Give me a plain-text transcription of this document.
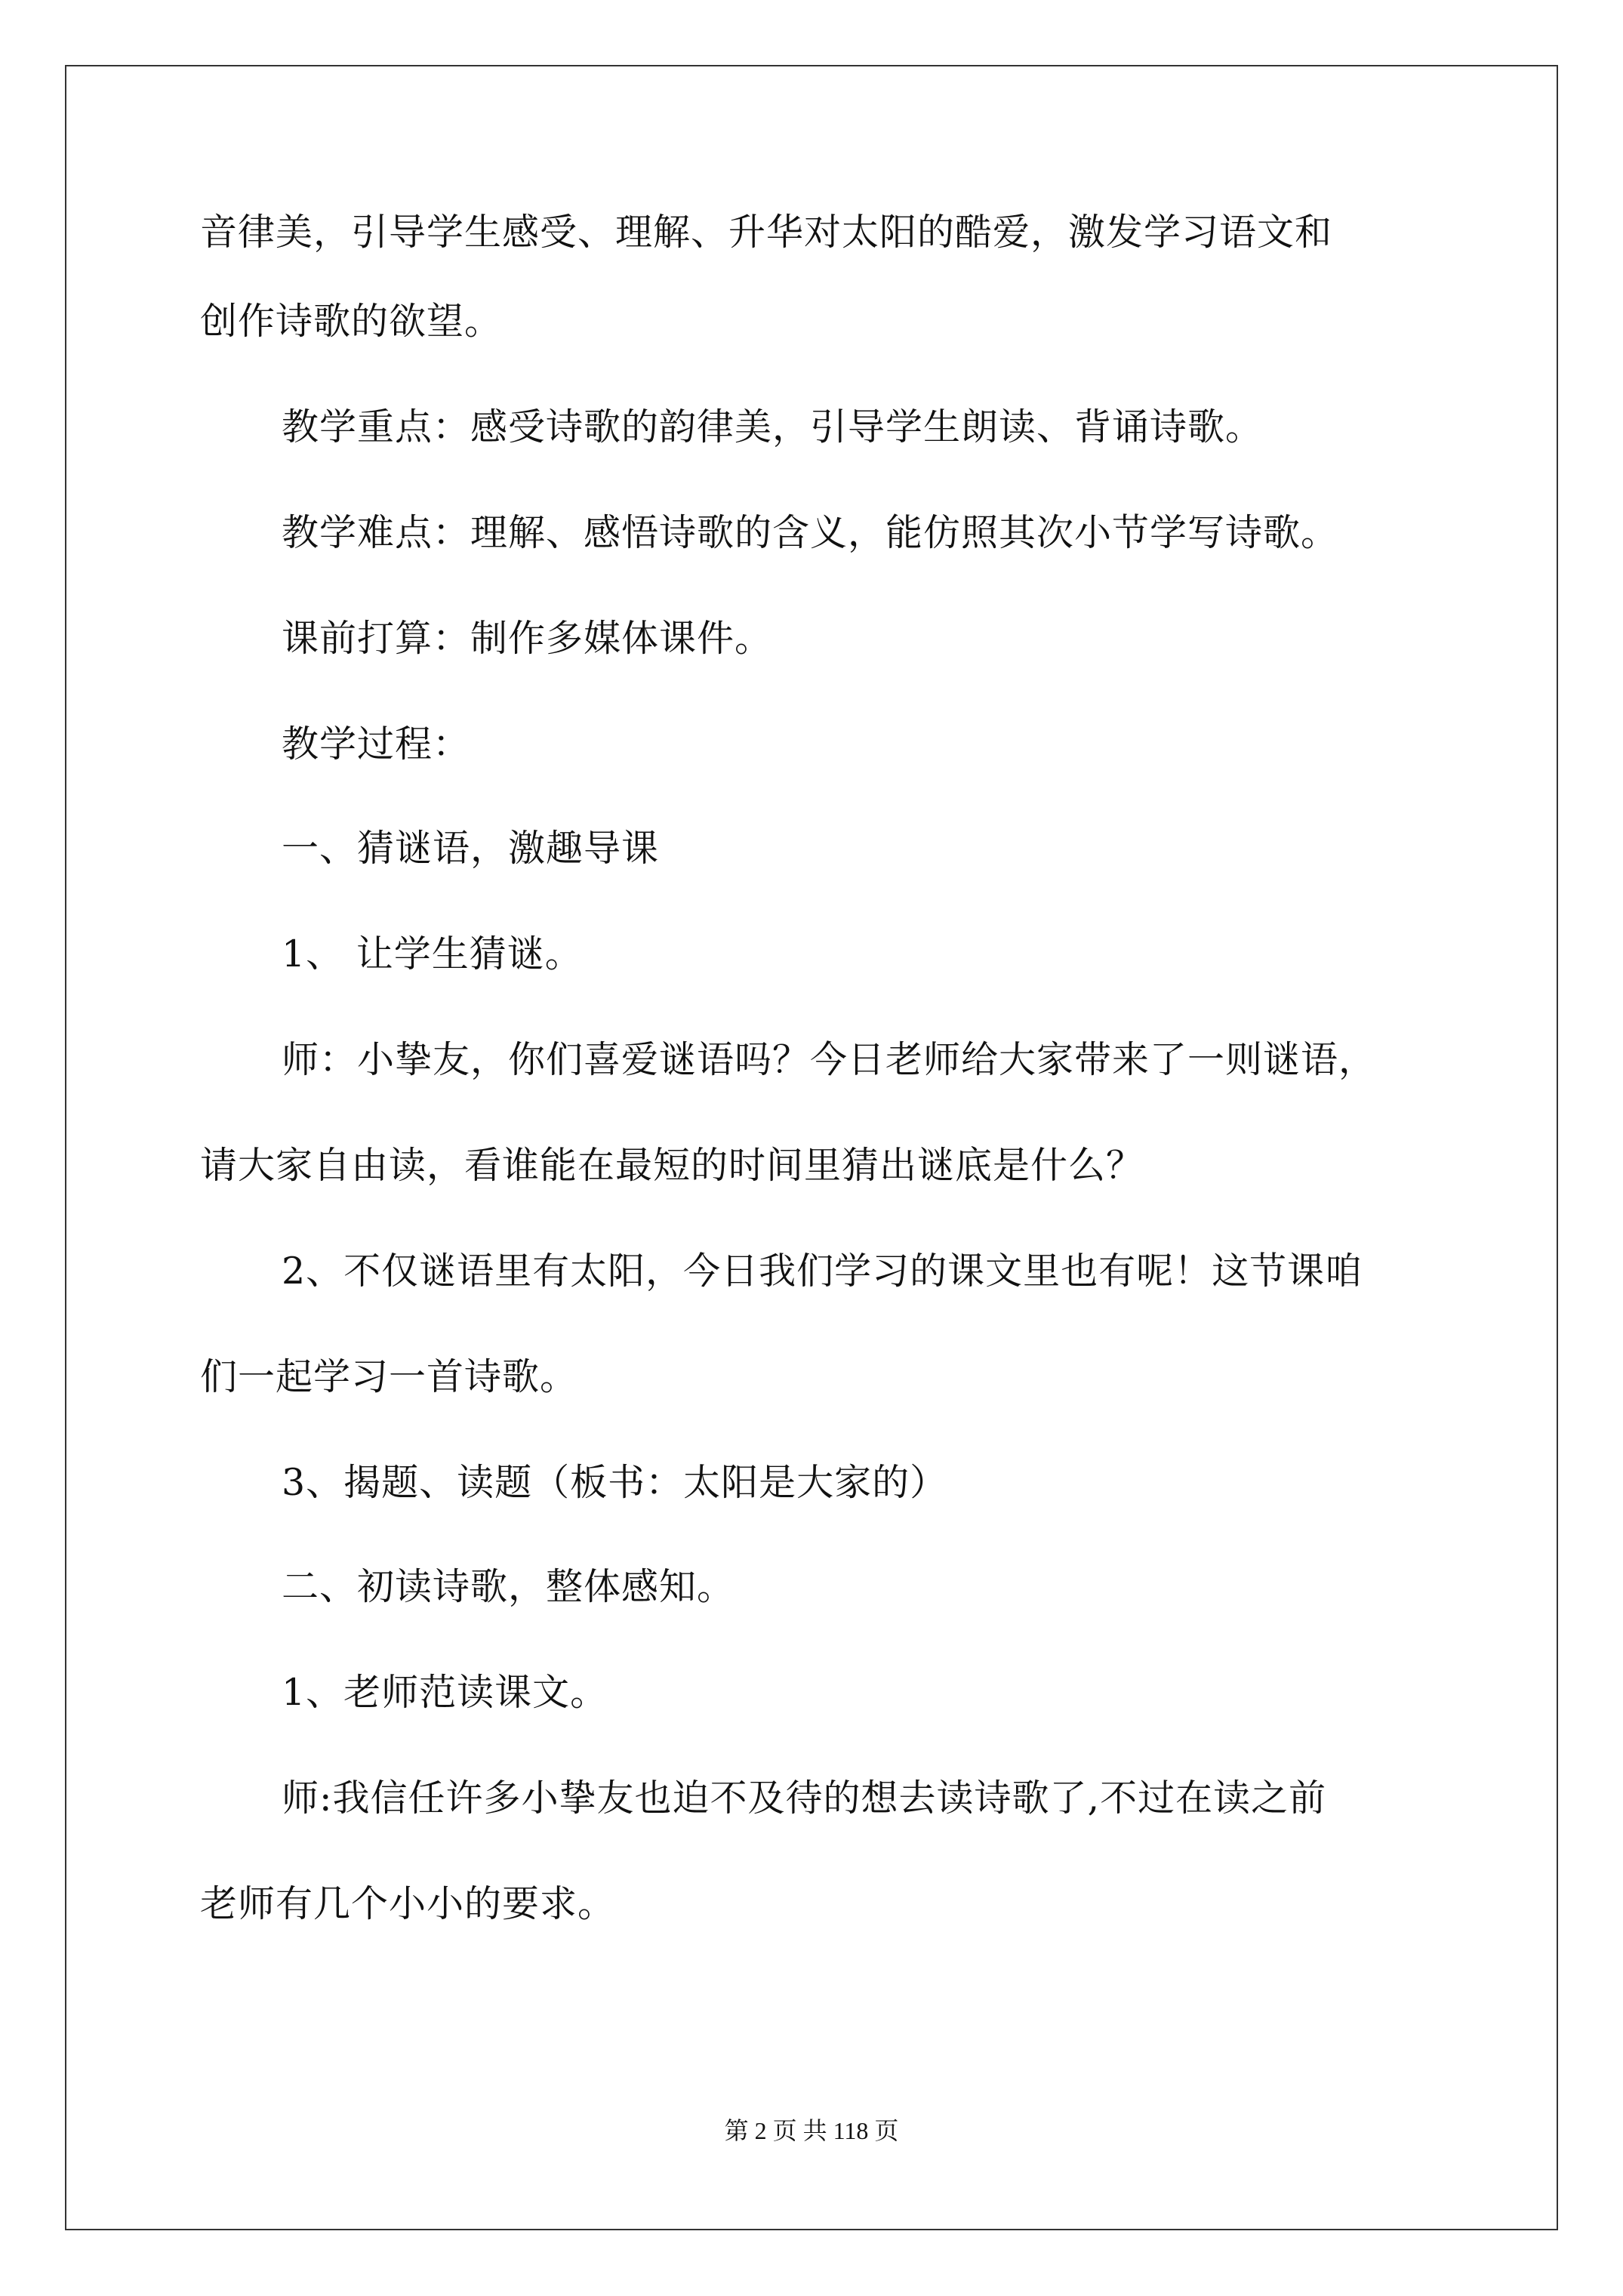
音律美，引导学生感受、理解、升华对太阳的酷爱，激发学习语文和
创作诗歌的欲望。
教学重点：感受诗歌的韵律美，引导学生朗读、背诵诗歌。
教学难点：理解、感悟诗歌的含义，能仿照其次小节学写诗歌。
课前打算：制作多媒体课件。
教学过程：
一、猜谜语，激趣导课
1、 让学生猜谜。
师：小挚友，你们喜爱谜语吗？今日老师给大家带来了一则谜语，
请大家自由读，看谁能在最短的时间里猜出谜底是什么？
2、不仅谜语里有太阳，今日我们学习的课文里也有呢！这节课咱
们一起学习一首诗歌。
3、揭题、读题（板书：太阳是大家的）
二、初读诗歌，整体感知。
1、老师范读课文。
师:我信任许多小挚友也迫不及待的想去读诗歌了,不过在读之前
老师有几个小小的要求。
第 2 页 共 118 页
